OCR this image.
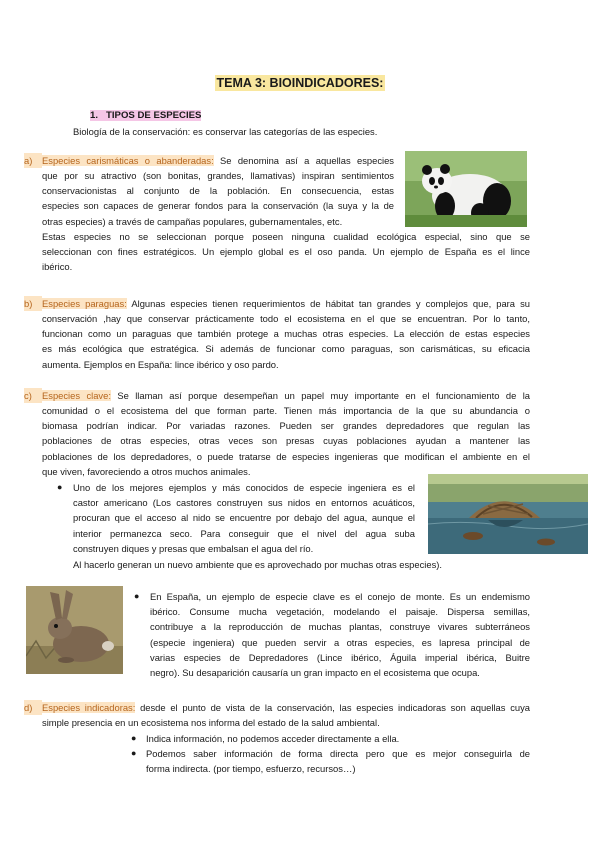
TEMA 3: BIOINDICADORES:
1. TIPOS DE ESPECIES
Biología de la conservación: es conservar las categorías de las especies.
a) Especies carismáticas o abanderadas: Se denomina así a aquellas especies
que por su atractivo (son bonitas, grandes, llamativas) inspiran sentimientos
conservacionistas al conjunto de la población. En consecuencia, estas
especies son capaces de generar fondos para la conservación (la suya y la de
otras especies) a través de campañas populares, gubernamentales, etc.
Estas especies no se seleccionan porque poseen ninguna cualidad ecológica especial, sino que se
seleccionan con fines estratégicos. Un ejemplo global es el oso panda. Un ejemplo de España es el lince
ibérico.
b) Especies paraguas: Algunas especies tienen requerimientos de hábitat tan grandes y complejos que, para su
conservación ,hay que conservar prácticamente todo el ecosistema en el que se encuentran. Por lo tanto,
funcionan como un paraguas que también protege a muchas otras especies. La elección de estas especies
es más ecológica que estratégica. Si además de funcionar como paraguas, son carismáticas, su eficacia
aumenta. Ejemplos en España: lince ibérico y oso pardo.
c) Especies clave: Se llaman así porque desempeñan un papel muy importante en el funcionamiento de la
comunidad o el ecosistema del que forman parte. Tienen más importancia de la que su abundancia o
biomasa podrían indicar. Por variadas razones. Pueden ser grandes depredadores que regulan las
poblaciones de otras especies, otras veces son presas cuyas poblaciones ayudan a mantener las
poblaciones de los depredadores, o puede tratarse de especies ingenieras que modifican el ambiente en el
que viven, favoreciendo a otros muchos animales.
● Uno de los mejores ejemplos y más conocidos de especie ingeniera es el
castor americano (Los castores construyen sus nidos en entornos acuáticos,
procuran que el acceso al nido se encuentre por debajo del agua, aunque el
interior permanezca seco. Para conseguir que el nivel del agua suba
construyen diques y presas que embalsan el agua del río.
Al hacerlo generan un nuevo ambiente que es aprovechado por muchas otras especies).
● En España, un ejemplo de especie clave es el conejo de monte. Es un endemismo
ibérico. Consume mucha vegetación, modelando el paisaje. Dispersa semillas,
contribuye a la reproducción de muchas plantas, construye vivares subterráneos
(especie ingeniera) que pueden servir a otras especies, es lapresa principal de
varias especies de Depredadores (Lince ibérico, Águila imperial ibérica, Buitre
negro). Su desaparición causaría un gran impacto en el ecosistema que ocupa.
d) Especies indicadoras: desde el punto de vista de la conservación, las especies indicadoras son aquellas cuya
simple presencia en un ecosistema nos informa del estado de la salud ambiental.
● Indica información, no podemos acceder directamente a ella.
● Podemos saber información de forma directa pero que es mejor conseguirla de
forma indirecta. (por tiempo, esfuerzo, recursos…)
